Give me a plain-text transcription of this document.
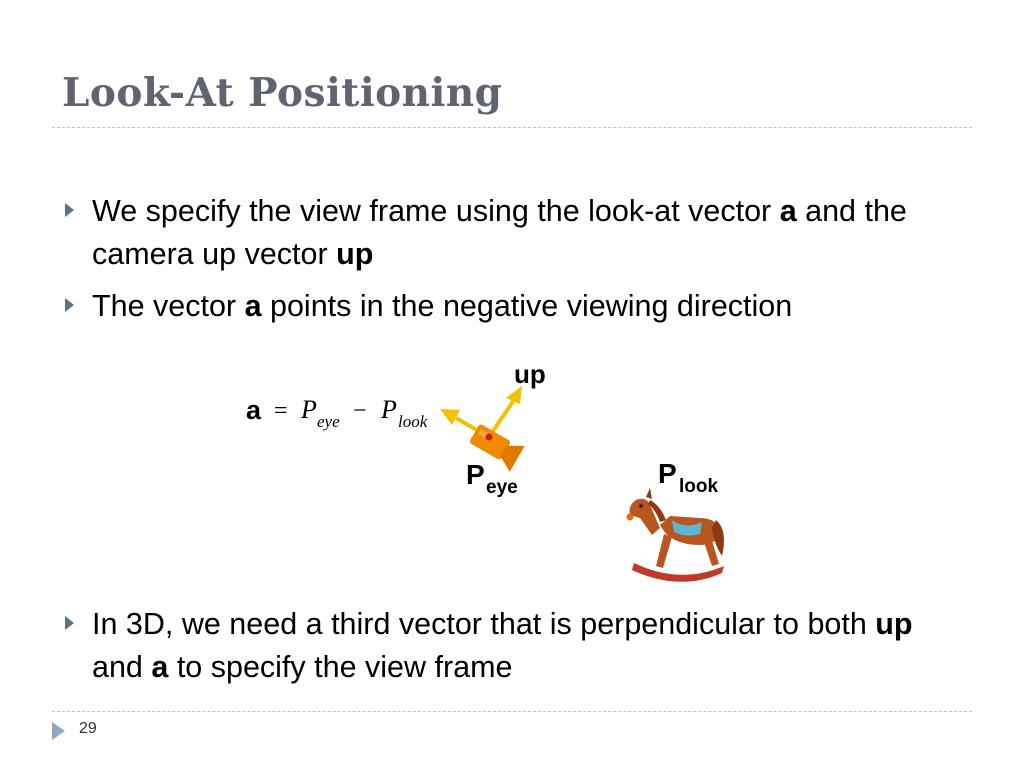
Look-At Positioning
We specify the view frame using the look-at vector a and the camera up vector up
The vector a points in the negative viewing direction
In 3D, we need a third vector that is perpendicular to both up and a to specify the view frame
a = P eye − P look
up
P eye	P look
29
